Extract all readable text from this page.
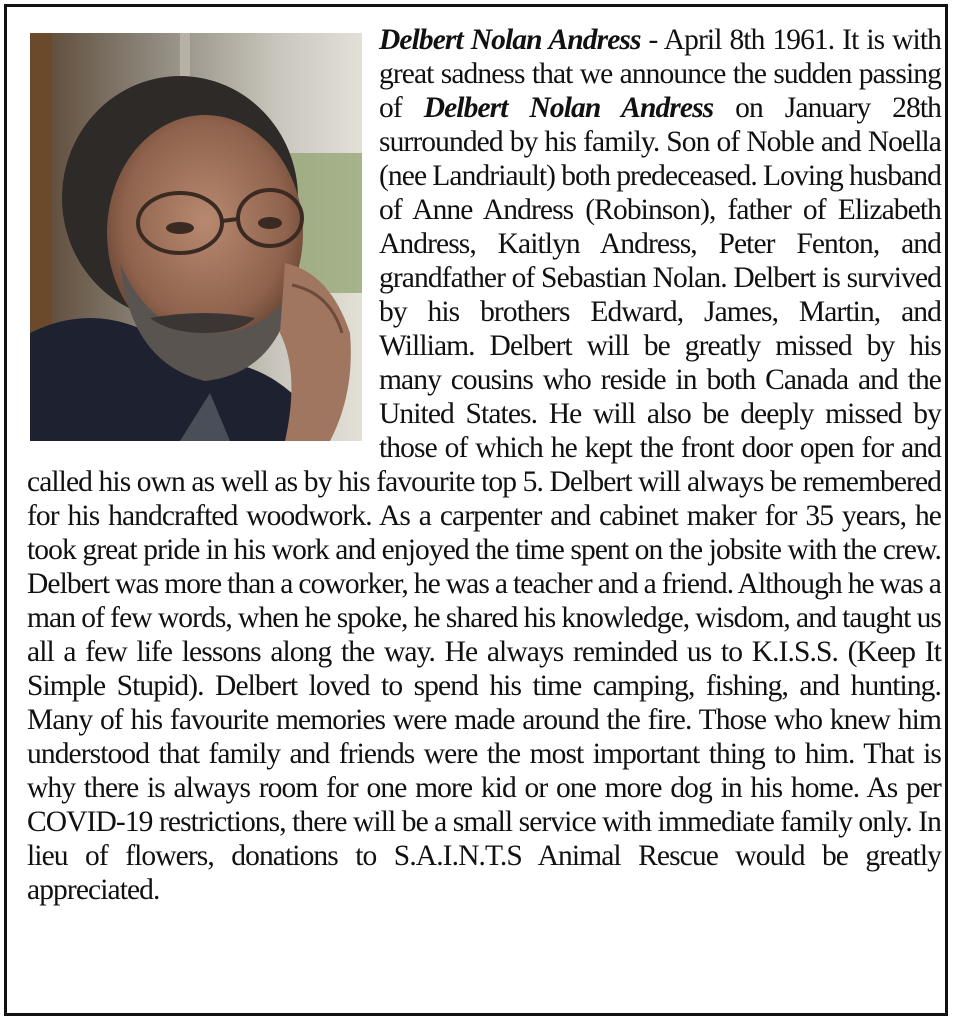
Delbert Nolan Andress - April 8th 1961. It is with great sadness that we announce the sudden passing of Delbert Nolan Andress on January 28th surrounded by his family. Son of Noble and Noella (nee Landriault) both predeceased. Loving husband of Anne Andress (Robinson), father of Elizabeth Andress, Kaitlyn Andress, Peter Fenton, and grandfather of Sebastian Nolan. Delbert is survived by his brothers Edward, James, Martin, and William. Delbert will be greatly missed by his many cousins who reside in both Canada and the United States. He will also be deeply missed by those of which he kept the front door open for and called his own as well as by his favourite top 5. Delbert will always be remembered for his handcrafted woodwork. As a carpenter and cabinet maker for 35 years, he took great pride in his work and enjoyed the time spent on the jobsite with the crew. Delbert was more than a coworker, he was a teacher and a friend. Although he was a man of few words, when he spoke, he shared his knowledge, wisdom, and taught us all a few life lessons along the way. He always reminded us to K.I.S.S. (Keep It Simple Stupid). Delbert loved to spend his time camping, fishing, and hunting. Many of his favourite memories were made around the fire. Those who knew him understood that family and friends were the most important thing to him. That is why there is always room for one more kid or one more dog in his home. As per COVID-19 restrictions, there will be a small service with immediate family only. In lieu of flowers, donations to S.A.I.N.T.S Animal Rescue would be greatly appreciated.
